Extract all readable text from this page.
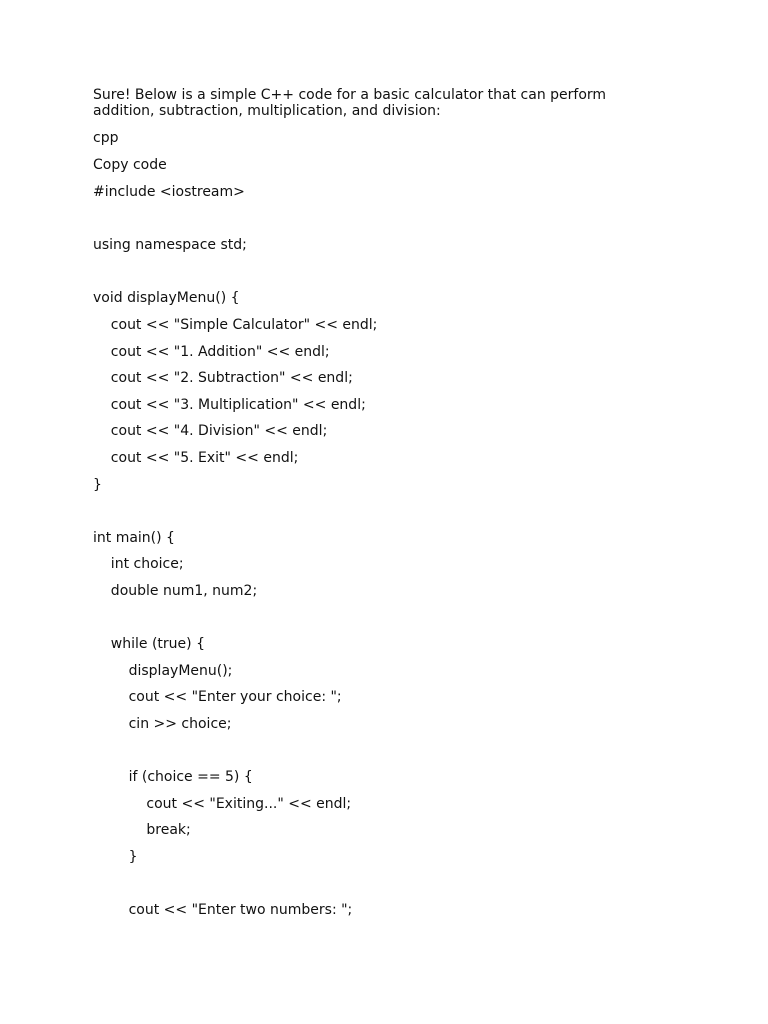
Sure! Below is a simple C++ code for a basic calculator that can perform addition, subtraction, multiplication, and division:

cpp
Copy code
#include <iostream>
using namespace std;
void displayMenu() {
cout << "Simple Calculator" << endl;
cout << "1. Addition" << endl;
cout << "2. Subtraction" << endl;
cout << "3. Multiplication" << endl;
cout << "4. Division" << endl;
cout << "5. Exit" << endl;
}
int main() {
int choice;
double num1, num2;
while (true) {
displayMenu();
cout << "Enter your choice: ";
cin >> choice;
if (choice == 5) {
cout << "Exiting..." << endl;
break;
}
cout << "Enter two numbers: ";
